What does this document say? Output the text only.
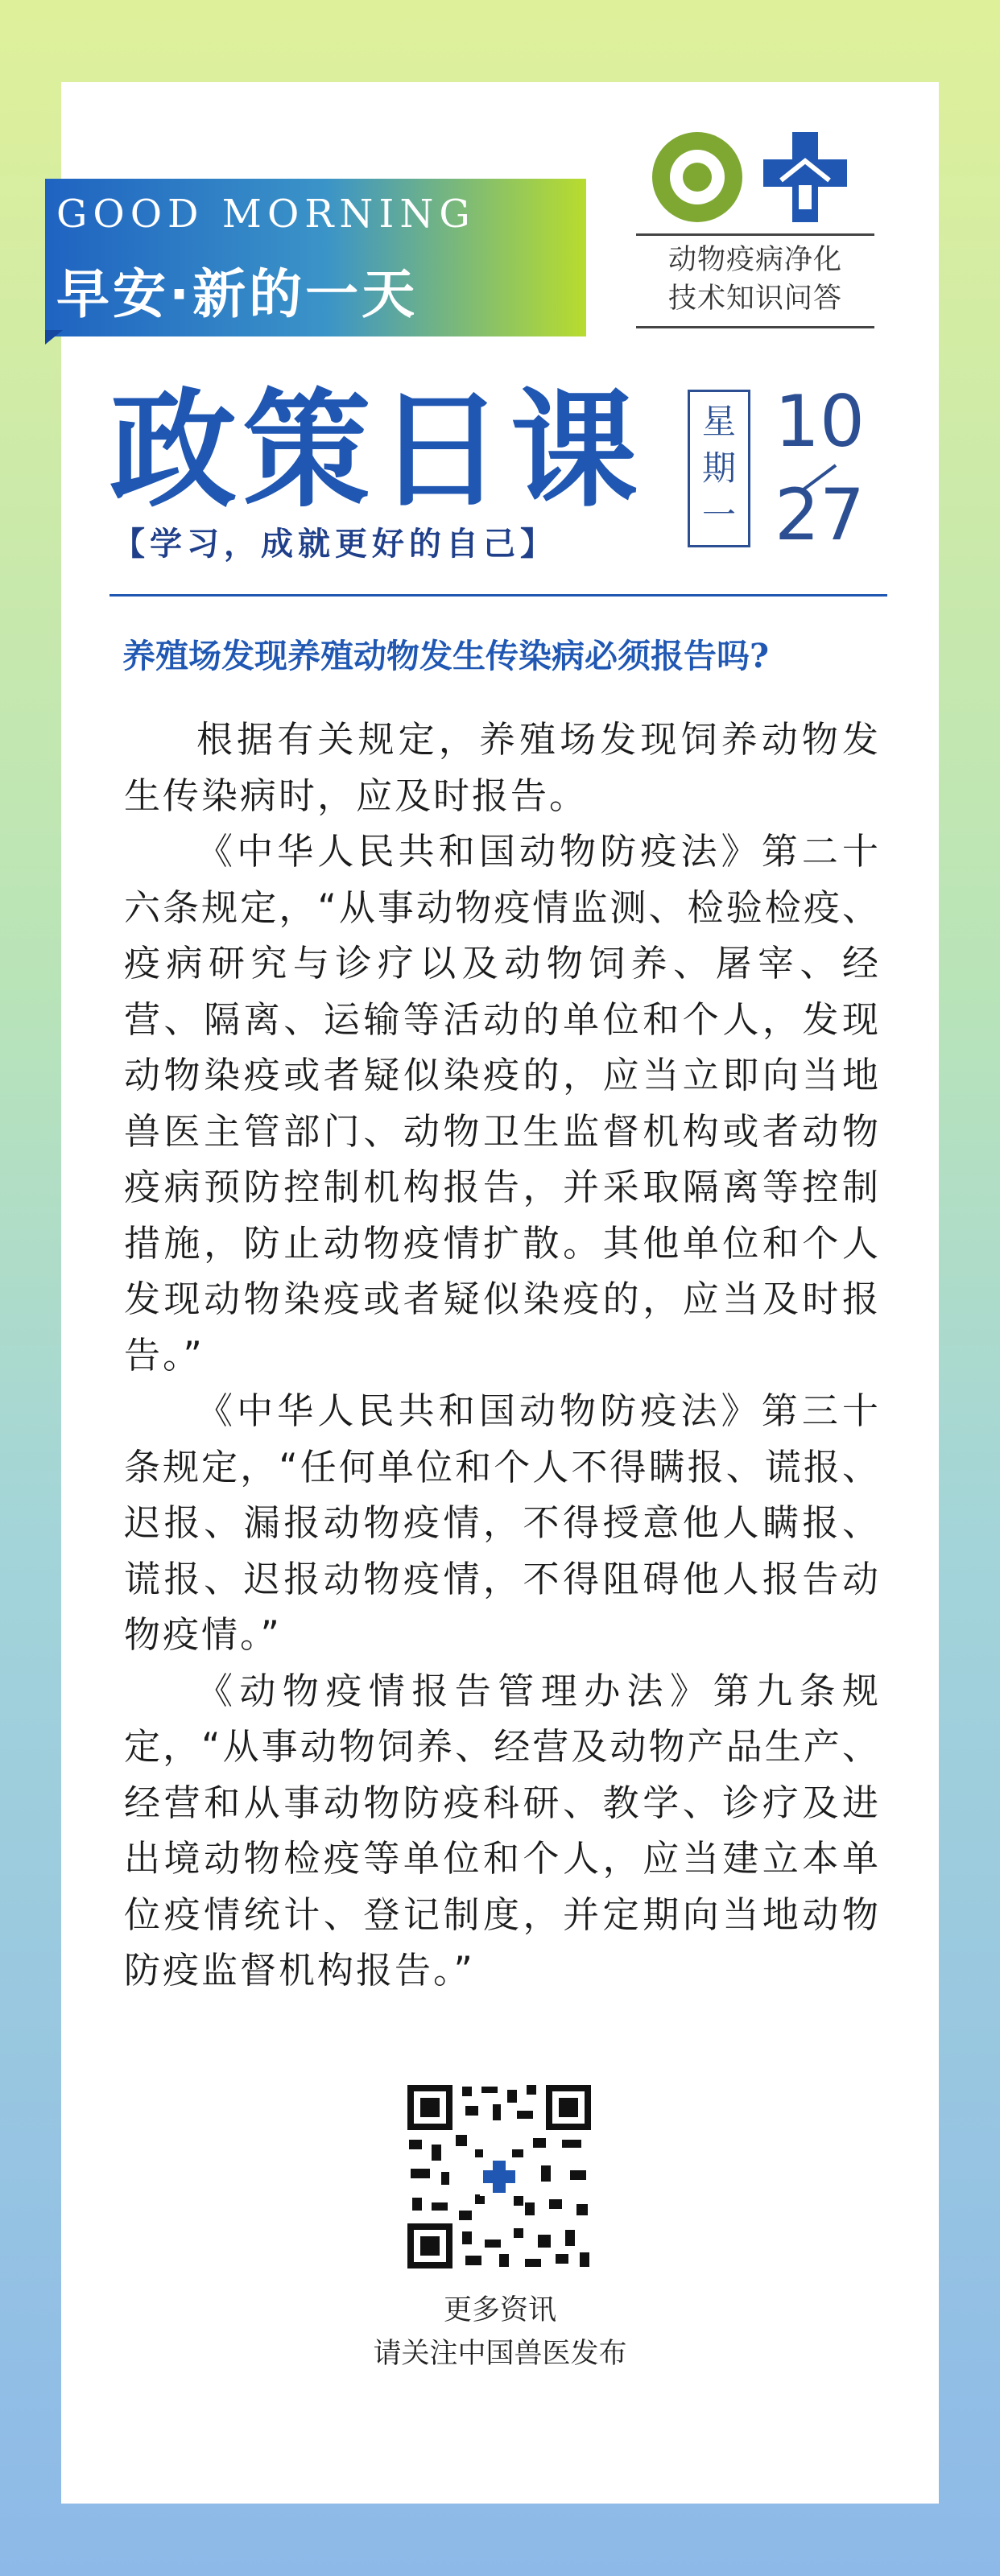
GOOD MORNING
早安·新的一天
动物疫病净化
技术知识问答
政策日课
【学习，成就更好的自己】
星期一
10
27
养殖场发现养殖动物发生传染病必须报告吗?

根据有关规定，养殖场发现饲养动物发生传染病时，应及时报告。

《中华人民共和国动物防疫法》第二十六条规定，“从事动物疫情监测、检验检疫、疫病研究与诊疗以及动物饲养、屠宰、经营、隔离、运输等活动的单位和个人，发现动物染疫或者疑似染疫的，应当立即向当地兽医主管部门、动物卫生监督机构或者动物疫病预防控制机构报告，并采取隔离等控制措施，防止动物疫情扩散。其他单位和个人发现动物染疫或者疑似染疫的，应当及时报告。”

《中华人民共和国动物防疫法》第三十条规定，“任何单位和个人不得瞒报、谎报、迟报、漏报动物疫情，不得授意他人瞒报、谎报、迟报动物疫情，不得阻碍他人报告动物疫情。”

《动物疫情报告管理办法》第九条规定，“从事动物饲养、经营及动物产品生产、经营和从事动物防疫科研、教学、诊疗及进出境动物检疫等单位和个人，应当建立本单位疫情统计、登记制度，并定期向当地动物防疫监督机构报告。”

更多资讯
请关注中国兽医发布
